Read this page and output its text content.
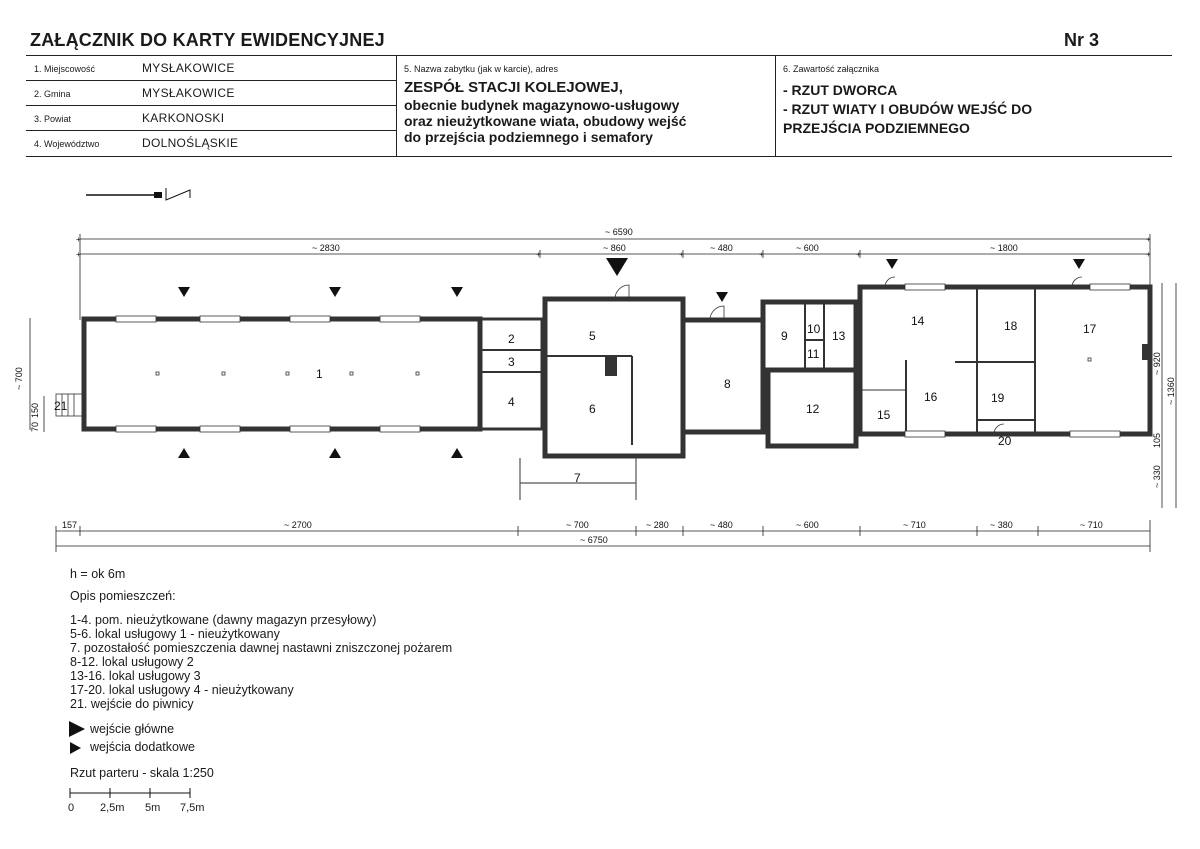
ZAŁĄCZNIK DO KARTY EWIDENCYJNEJ	Nr 3
1. Miejscowość	MYSŁAKOWICE
2. Gmina	MYSŁAKOWICE
3. Powiat	KARKONOSKI
4. Województwo	DOLNOŚLĄSKIE
5. Nazwa zabytku (jak w karcie), adres
ZESPÓŁ STACJI KOLEJOWEJ,
obecnie budynek magazynowo-usługowy
oraz nieużytkowane wiata, obudowy wejść
do przejścia podziemnego i semafory
6. Zawartość załącznika
- RZUT DWORCA
- RZUT WIATY I OBUDÓW WEJŚĆ DO
PRZEJŚCIA PODZIEMNEGO
+	+
+	+	+	+	+	+
~ 6590
~ 2830	~ 860	~ 480	~ 600	~ 1800
157	~ 2700	~ 700	~ 280	~ 480	~ 600	~ 710	~ 380	~ 710
~ 6750
~ 700
150
70
~ 920
~ 1360
105
~ 330
1
2
3
4
5
6
7
8
9 10
11
12
13
14
15
16
17
18
19
20
21
h = ok 6m
Opis pomieszczeń:
1-4. pom. nieużytkowane (dawny magazyn przesyłowy)
5-6. lokal usługowy 1 - nieużytkowany
7. pozostałość pomieszczenia dawnej nastawni zniszczonej pożarem
8-12. lokal usługowy 2
13-16. lokal usługowy 3
17-20. lokal usługowy 4 - nieużytkowany
21. wejście do piwnicy
wejście główne
wejścia dodatkowe
Rzut parteru - skala 1:250
0 2,5m 5m 7,5m
